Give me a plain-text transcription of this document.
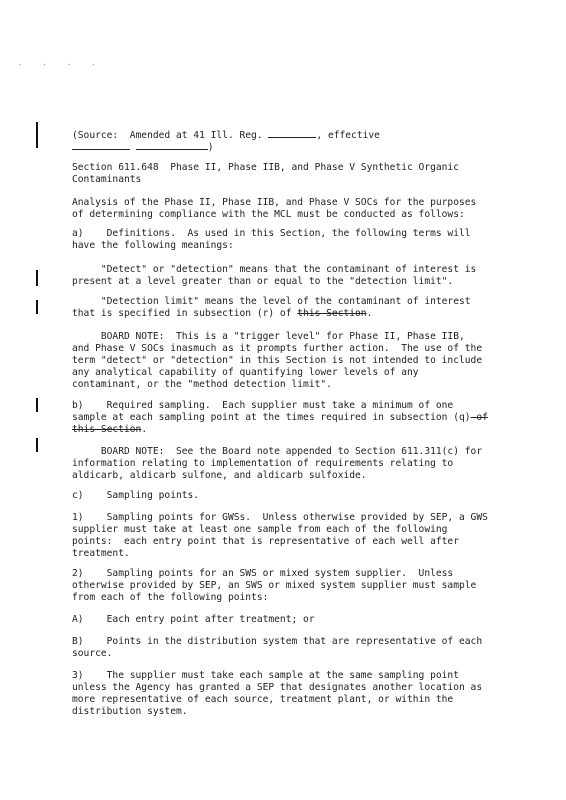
· · · ·
(Source:  Amended at 41 Ill. Reg.	, effective
)
Section 611.648  Phase II, Phase IIB, and Phase V Synthetic Organic
Contaminants
Analysis of the Phase II, Phase IIB, and Phase V SOCs for the purposes
of determining compliance with the MCL must be conducted as follows:
a)    Definitions.  As used in this Section, the following terms will
have the following meanings:
"Detect" or "detection" means that the contaminant of interest is
present at a level greater than or equal to the "detection limit".
"Detection limit" means the level of the contaminant of interest
that is specified in subsection (r) of this Section.
BOARD NOTE:  This is a "trigger level" for Phase II, Phase IIB,
and Phase V SOCs inasmuch as it prompts further action.  The use of the
term "detect" or "detection" in this Section is not intended to include
any analytical capability of quantifying lower levels of any
contaminant, or the "method detection limit".
b)    Required sampling.  Each supplier must take a minimum of one
sample at each sampling point at the times required in subsection (q) of
this Section.
BOARD NOTE:  See the Board note appended to Section 611.311(c) for
information relating to implementation of requirements relating to
aldicarb, aldicarb sulfone, and aldicarb sulfoxide.
c)    Sampling points.
1)    Sampling points for GWSs.  Unless otherwise provided by SEP, a GWS
supplier must take at least one sample from each of the following
points:  each entry point that is representative of each well after
treatment.
2)    Sampling points for an SWS or mixed system supplier.  Unless
otherwise provided by SEP, an SWS or mixed system supplier must sample
from each of the following points:
A)    Each entry point after treatment; or
B)    Points in the distribution system that are representative of each
source.
3)    The supplier must take each sample at the same sampling point
unless the Agency has granted a SEP that designates another location as
more representative of each source, treatment plant, or within the
distribution system.
